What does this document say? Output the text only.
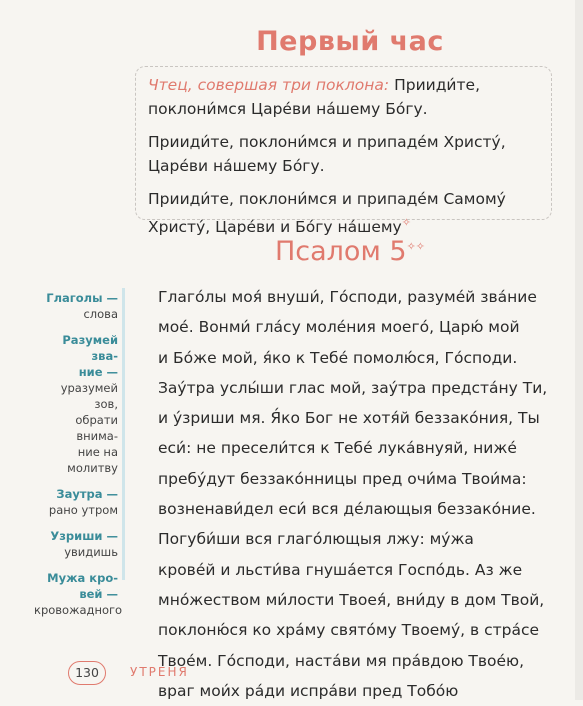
Первый час

Чтец, совершая три поклона: Прииди́те,
поклони́мся Царе́ви на́шему Бо́гу.

Прииди́те, поклони́мся и припаде́м Христу́,
Царе́ви на́шему Бо́гу.

Прииди́те, поклони́мся и припаде́м Самому́
Христу́, Царе́ви и Бо́гу на́шему✧

Псалом 5✧✧
Глаголы —
слова
Разумей зва-
ние —
уразумей зов,
обрати внима-
ние на молитву
Заутра —
рано утром
Узриши —
увидишь
Мужа кро-
вей —
кровожадного
Глаго́лы моя́ внуши́, Го́споди, разуме́й зва́ние
мое́. Вонми́ гла́су моле́ния моего́, Царю́ мой
и Бо́же мой, я́ко к Тебе́ помолю́ся, Го́споди.
Зау́тра услы́ши глас мой, зау́тра предста́ну Ти,
и у́зриши мя. Я́ко Бог не хотя́й беззако́ния, Ты
еси́: не пресели́тся к Тебе́ лука́внуяй, ниже́
пребу́дут беззако́нницы пред очи́ма Твои́ма:
возненави́дел еси́ вся де́лающыя беззако́ние.
Погуби́ши вся глаго́лющыя лжу: му́жа
крове́й и льсти́ва гнуша́ется Госпо́дь. Аз же
мно́жеством ми́лости Твоея́, вни́ду в дом Твой,
поклоню́ся ко хра́му свято́му Твоему́, в стра́се
Твое́м. Го́споди, наста́ви мя пра́вдою Твое́ю,
враг мои́х ра́ди испра́ви пред Тобо́ю
130	УТРЕНЯ
